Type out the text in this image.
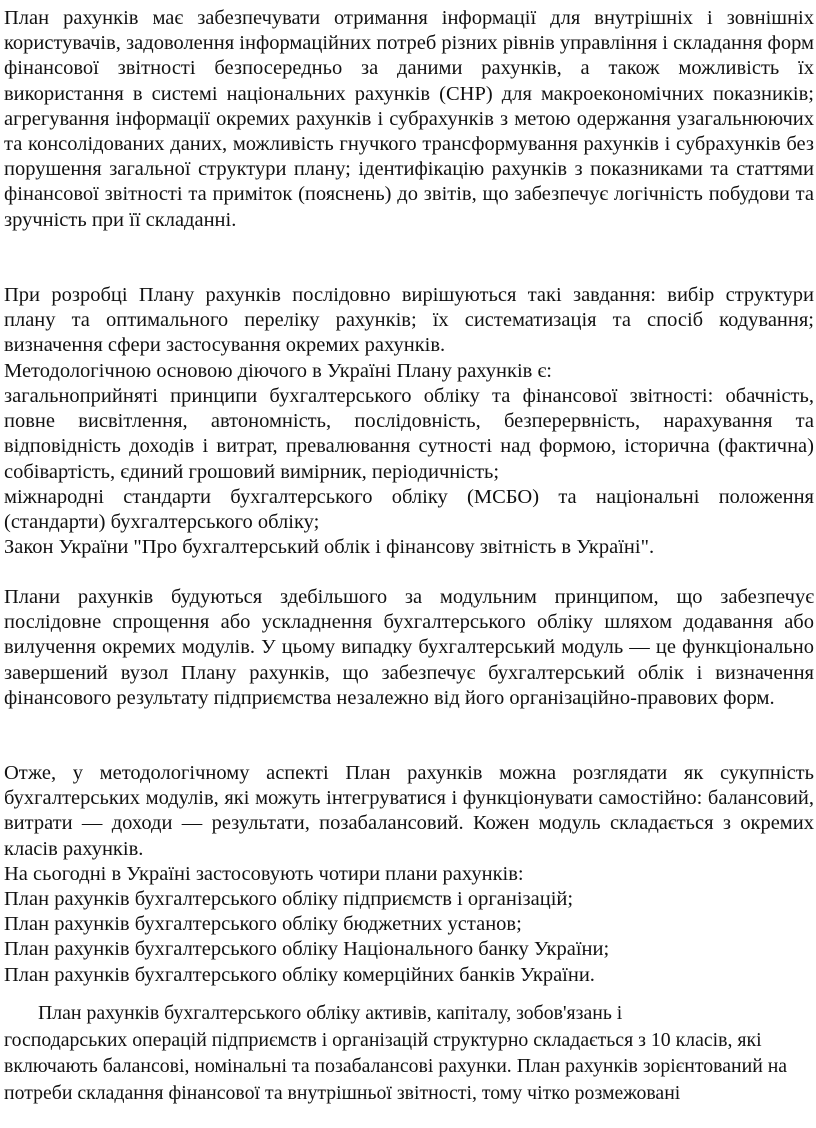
План рахунків має забезпечувати отримання інформації для внутрішніх і зовнішніх користувачів, задоволення інформаційних потреб різних рівнів управління і складання форм фінансової звітності безпосередньо за даними рахунків, а також можливість їх використання в системі національних рахунків (СНР) для макроекономічних показників; агрегування інформації окремих рахунків і субрахунків з метою одержання узагальнюючих та консолідованих даних, можливість гнучкого трансформування рахунків і субрахунків без порушення загальної структури плану; ідентифікацію рахунків з показниками та статтями фінансової звітності та приміток (пояснень) до звітів, що забезпечує логічність побудови та зручність при її складанні.

При розробці Плану рахунків послідовно вирішуються такі завдання: вибір структури плану та оптимального переліку рахунків; їх систематизація та спосіб кодування; визначення сфери застосування окремих рахунків.

Методологічною основою діючого в Україні Плану рахунків є:

загальноприйняті принципи бухгалтерського обліку та фінансової звітності: обачність, повне висвітлення, автономність, послідовність, безперервність, нарахування та відповідність доходів і витрат, превалювання сутності над формою, історична (фактична) собівартість, єдиний грошовий вимірник, періодичність;

міжнародні стандарти бухгалтерського обліку (МСБО) та національні положення (стандарти) бухгалтерського обліку;

Закон України "Про бухгалтерський облік і фінансову звітність в Україні".

Плани рахунків будуються здебільшого за модульним принципом, що забезпечує послідовне спрощення або ускладнення бухгалтерського обліку шляхом додавання або вилучення окремих модулів. У цьому випадку бухгалтерський модуль — це функціонально завершений вузол Плану рахунків, що забезпечує бухгалтерський облік і визначення фінансового результату підприємства незалежно від його організаційно-правових форм.

Отже, у методологічному аспекті План рахунків можна розглядати як сукупність бухгалтерських модулів, які можуть інтегруватися і функціонувати самостійно: балансовий, витрати — доходи — результати, позабалансовий. Кожен модуль складається з окремих класів рахунків.

На сьогодні в Україні застосовують чотири плани рахунків:

План рахунків бухгалтерського обліку підприємств і організацій;
План рахунків бухгалтерського обліку бюджетних установ;
План рахунків бухгалтерського обліку Національного банку України;
План рахунків бухгалтерського обліку комерційних банків України.
План рахунків бухгалтерського обліку активів, капіталу, зобов'язань і
господарських операцій підприємств і організацій структурно складається з 10 класів, які включають балансові, номінальні та позабалансові рахунки. План рахунків зорієнтований на потреби складання фінансової та внутрішньої звітності, тому чітко розмежовані
